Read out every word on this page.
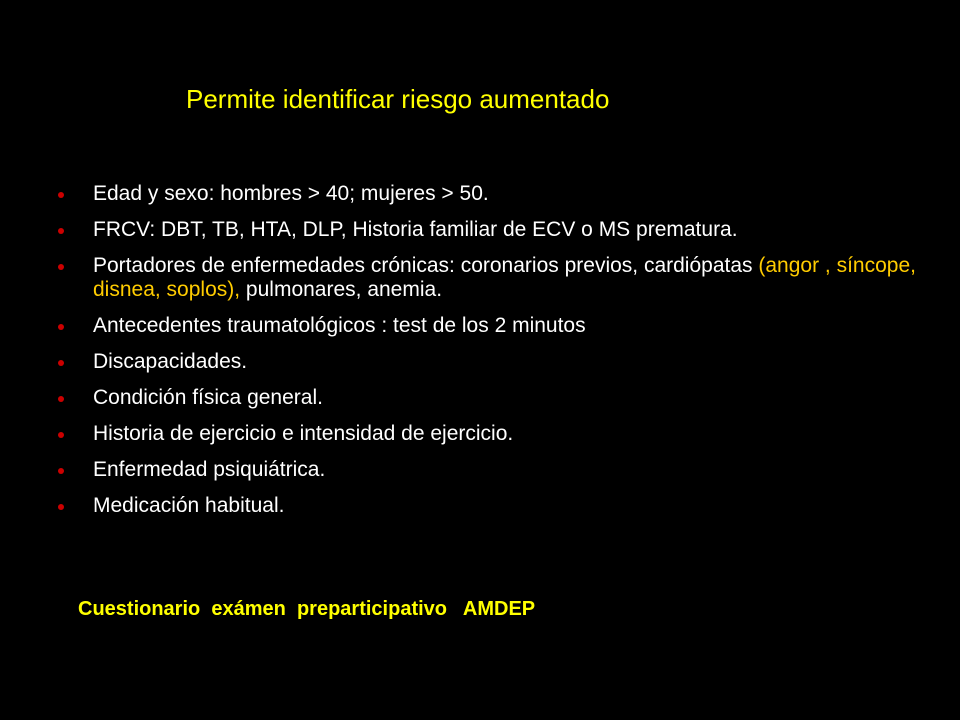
Permite identificar riesgo aumentado
Edad y sexo: hombres > 40; mujeres > 50.
FRCV: DBT, TB, HTA, DLP, Historia familiar de ECV o MS prematura.
Portadores de enfermedades crónicas: coronarios previos, cardiópatas (angor , síncope, disnea, soplos), pulmonares, anemia.
Antecedentes traumatológicos : test de los 2 minutos
Discapacidades.
Condición física general.
Historia de ejercicio e intensidad de ejercicio.
Enfermedad psiquiátrica.
Medicación habitual.
Cuestionario  exámen  preparticipativo   AMDEP
